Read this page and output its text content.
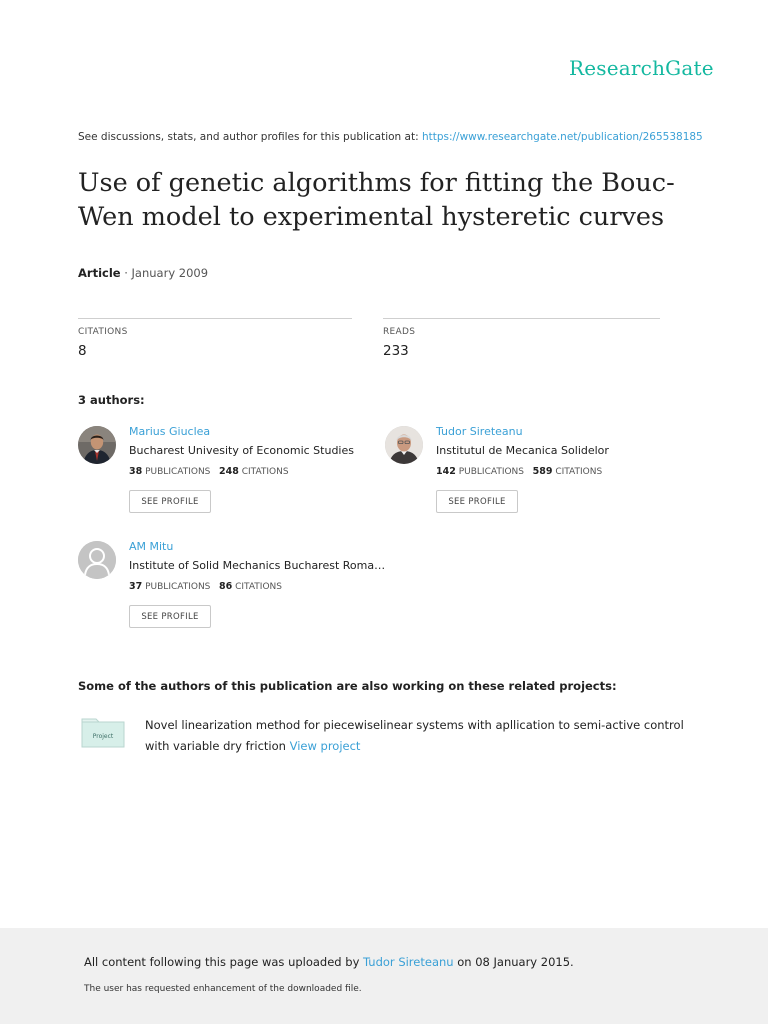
ResearchGate
See discussions, stats, and author profiles for this publication at: https://www.researchgate.net/publication/265538185
Use of genetic algorithms for fitting the Bouc-Wen model to experimental hysteretic curves
Article · January 2009
CITATIONS
8
READS
233
3 authors:
Marius Giuclea
Bucharest Univesity of Economic Studies
38 PUBLICATIONS 248 CITATIONS
SEE PROFILE
Tudor Sireteanu
Institutul de Mecanica Solidelor
142 PUBLICATIONS 589 CITATIONS
SEE PROFILE
AM Mitu
Institute of Solid Mechanics Bucharest Roma…
37 PUBLICATIONS 86 CITATIONS
SEE PROFILE
Some of the authors of this publication are also working on these related projects:
Project
Novel linearization method for piecewiselinear systems with apllication to semi-active control with variable dry friction View project
All content following this page was uploaded by Tudor Sireteanu on 08 January 2015.
The user has requested enhancement of the downloaded file.
